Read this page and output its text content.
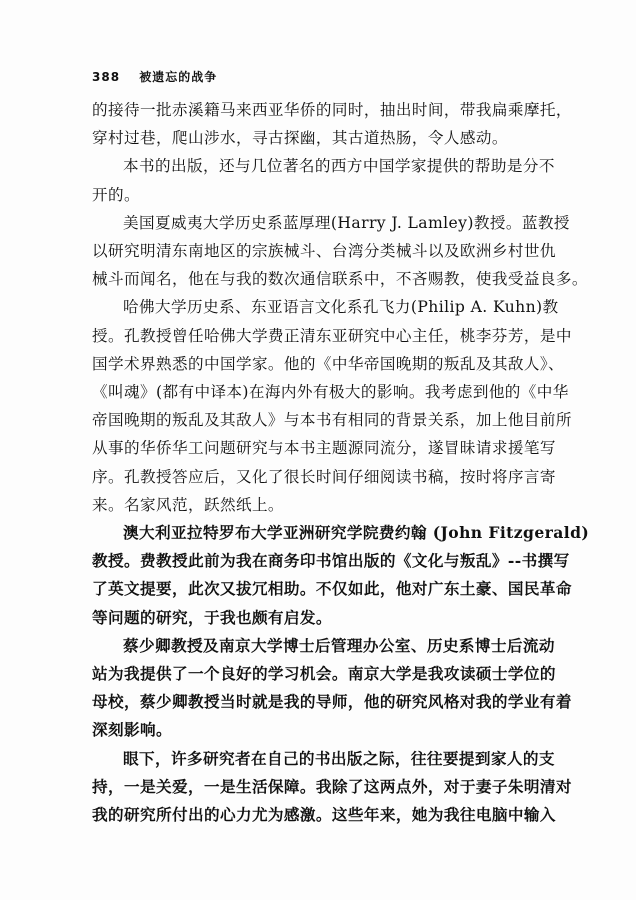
388 被遗忘的战争

的接待一批赤溪籍马来西亚华侨的同时，抽出时间，带我扁乘摩托，
穿村过巷，爬山涉水，寻古探幽，其古道热肠，令人感动。

本书的出版，还与几位著名的西方中国学家提供的帮助是分不
开的。

美国夏威夷大学历史系蓝厚理(Harry J. Lamley)教授。蓝教授
以研究明清东南地区的宗族械斗、台湾分类械斗以及欧洲乡村世仇
械斗而闻名，他在与我的数次通信联系中，不吝赐教，使我受益良多。

哈佛大学历史系、东亚语言文化系孔飞力(Philip A. Kuhn)教
授。孔教授曾任哈佛大学费正清东亚研究中心主任，桃李芬芳，是中
国学术界熟悉的中国学家。他的《中华帝国晚期的叛乱及其敌人》、
《叫魂》(都有中译本)在海内外有极大的影响。我考虑到他的《中华
帝国晚期的叛乱及其敌人》与本书有相同的背景关系，加上他目前所
从事的华侨华工问题研究与本书主题源同流分，遂冒昧请求援笔写
序。孔教授答应后，又化了很长时间仔细阅读书稿，按时将序言寄
来。名家风范，跃然纸上。

澳大利亚拉特罗布大学亚洲研究学院费约翰 (John Fitzgerald)
教授。费教授此前为我在商务印书馆出版的《文化与叛乱》--书撰写
了英文提要，此次又拔冗相助。不仅如此，他对广东土豪、国民革命
等问题的研究，于我也颇有启发。

蔡少卿教授及南京大学博士后管理办公室、历史系博士后流动
站为我提供了一个良好的学习机会。南京大学是我攻读硕士学位的
母校，蔡少卿教授当时就是我的导师，他的研究风格对我的学业有着
深刻影响。

眼下，许多研究者在自己的书出版之际，往往要提到家人的支
持，一是关爱，一是生活保障。我除了这两点外，对于妻子朱明清对
我的研究所付出的心力尤为感激。这些年来，她为我往电脑中输入
